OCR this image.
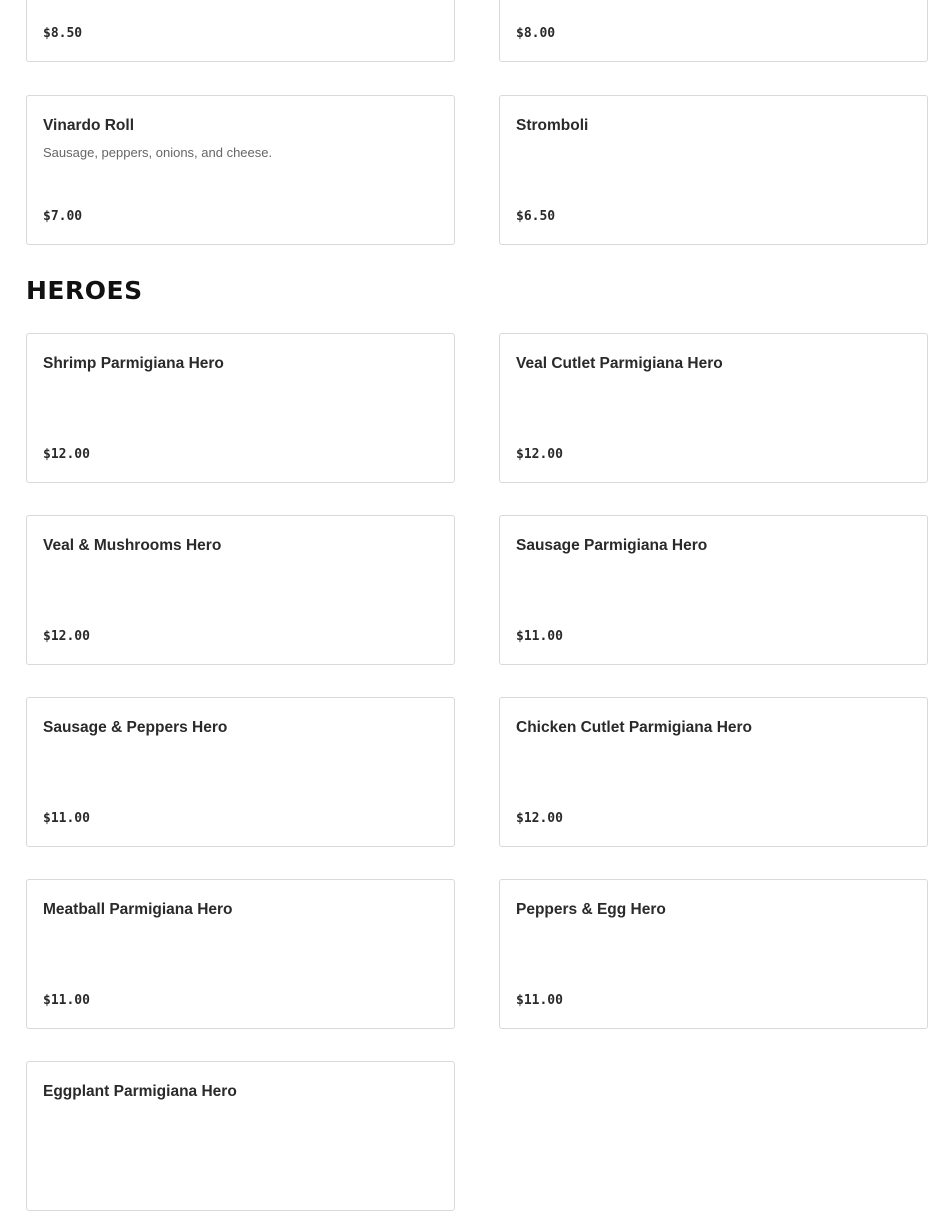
$8.50	$8.00
Vinardo Roll
Sausage, peppers, onions, and cheese.
$7.00
Stromboli
$6.50
HEROES
Shrimp Parmigiana Hero
$12.00
Veal Cutlet Parmigiana Hero
$12.00
Veal & Mushrooms Hero
$12.00
Sausage Parmigiana Hero
$11.00
Sausage & Peppers Hero
$11.00
Chicken Cutlet Parmigiana Hero
$12.00
Meatball Parmigiana Hero
$11.00
Peppers & Egg Hero
$11.00
Eggplant Parmigiana Hero
